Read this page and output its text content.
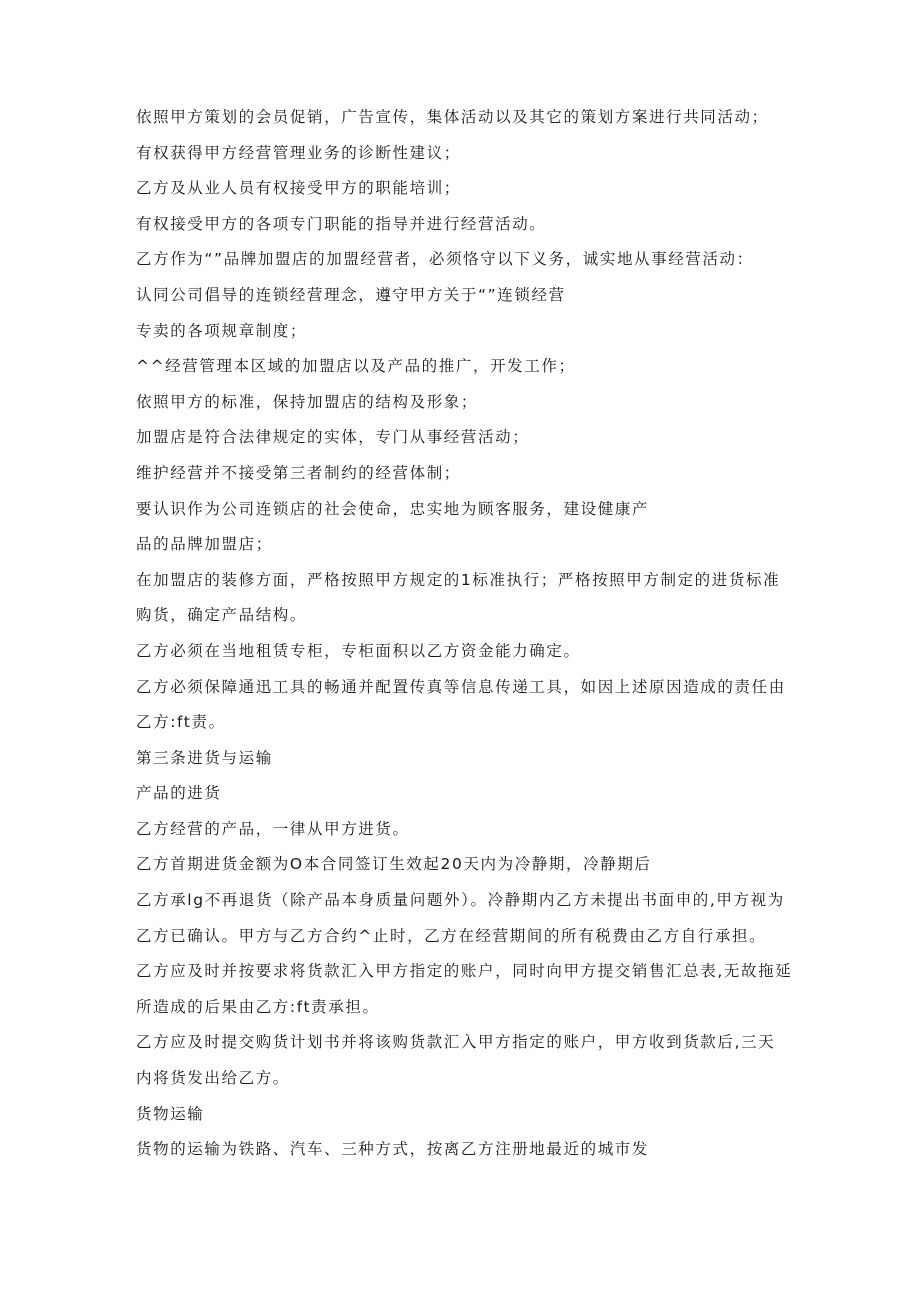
依照甲方策划的会员促销，广告宣传，集体活动以及其它的策划方案进行共同活动；
有权获得甲方经营管理业务的诊断性建议；
乙方及从业人员有权接受甲方的职能培训；
有权接受甲方的各项专门职能的指导并进行经营活动。
乙方作为“”品牌加盟店的加盟经营者，必须恪守以下义务，诚实地从事经营活动：
认同公司倡导的连锁经营理念，遵守甲方关于“”连锁经营
专卖的各项规章制度；
^^经营管理本区域的加盟店以及产品的推广，开发工作；
依照甲方的标准，保持加盟店的结构及形象；
加盟店是符合法律规定的实体，专门从事经营活动；
维护经营并不接受第三者制约的经营体制；
要认识作为公司连锁店的社会使命，忠实地为顾客服务，建设健康产
品的品牌加盟店；
在加盟店的装修方面，严格按照甲方规定的1标准执行；严格按照甲方制定的进货标准
购货，确定产品结构。
乙方必须在当地租赁专柜，专柜面积以乙方资金能力确定。
乙方必须保障通迅工具的畅通并配置传真等信息传递工具，如因上述原因造成的责任由
乙方:ft责。
第三条进货与运输
产品的进货
乙方经营的产品，一律从甲方进货。
乙方首期进货金额为O本合同签订生效起20天内为冷静期，冷静期后
乙方承lg不再退货（除产品本身质量问题外）。冷静期内乙方未提出书面申的,甲方视为
乙方已确认。甲方与乙方合约^止时，乙方在经营期间的所有税费由乙方自行承担。
乙方应及时并按要求将货款汇入甲方指定的账户，同时向甲方提交销售汇总表,无故拖延
所造成的后果由乙方:ft责承担。
乙方应及时提交购货计划书并将该购货款汇入甲方指定的账户，甲方收到货款后,三天
内将货发出给乙方。
货物运输
货物的运输为铁路、汽车、三种方式，按离乙方注册地最近的城市发
